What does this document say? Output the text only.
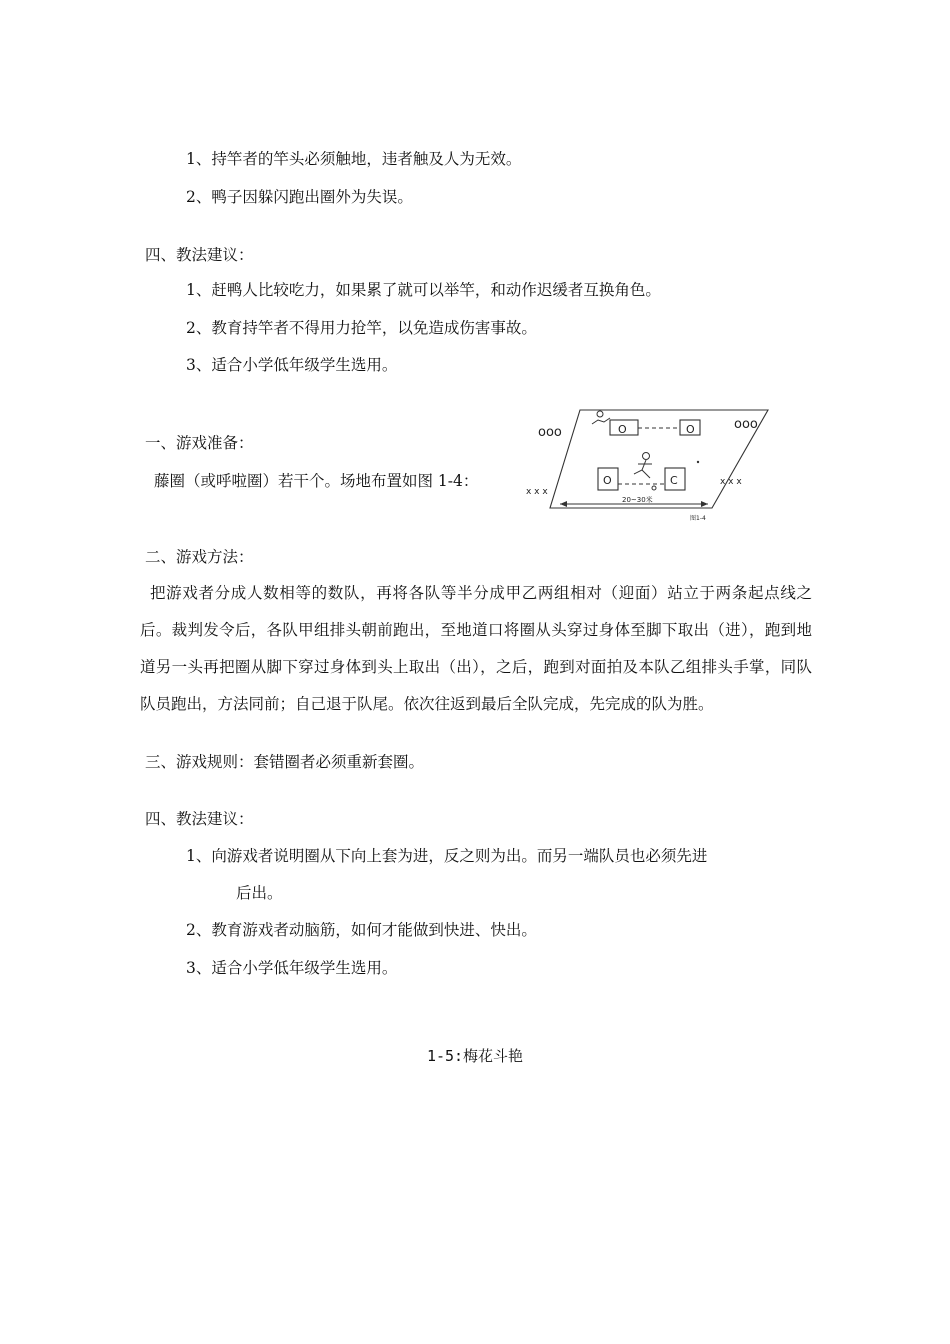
1、持竿者的竿头必须触地，违者触及人为无效。
2、鸭子因躲闪跑出圈外为失误。
四、教法建议：
1、赶鸭人比较吃力，如果累了就可以举竿，和动作迟缓者互换角色。
2、教育持竿者不得用力抢竿，以免造成伤害事故。
3、适合小学低年级学生选用。
一、游戏准备：
藤圈（或呼啦圈）若干个。场地布置如图 1-4：
ooo
ooo
x x x
x x x
O	O
O	C
20~30米
图1-4
二、游戏方法：
把游戏者分成人数相等的数队，再将各队等半分成甲乙两组相对（迎面）站立于两条起点线之后。裁判发令后，各队甲组排头朝前跑出，至地道口将圈从头穿过身体至脚下取出（进），跑到地道另一头再把圈从脚下穿过身体到头上取出（出），之后，跑到对面拍及本队乙组排头手掌，同队队员跑出，方法同前；自己退于队尾。依次往返到最后全队完成，先完成的队为胜。
三、游戏规则：套错圈者必须重新套圈。
四、教法建议：
1、向游戏者说明圈从下向上套为进，反之则为出。而另一端队员也必须先进
后出。
2、教育游戏者动脑筋，如何才能做到快进、快出。
3、适合小学低年级学生选用。
1-5:梅花斗艳
